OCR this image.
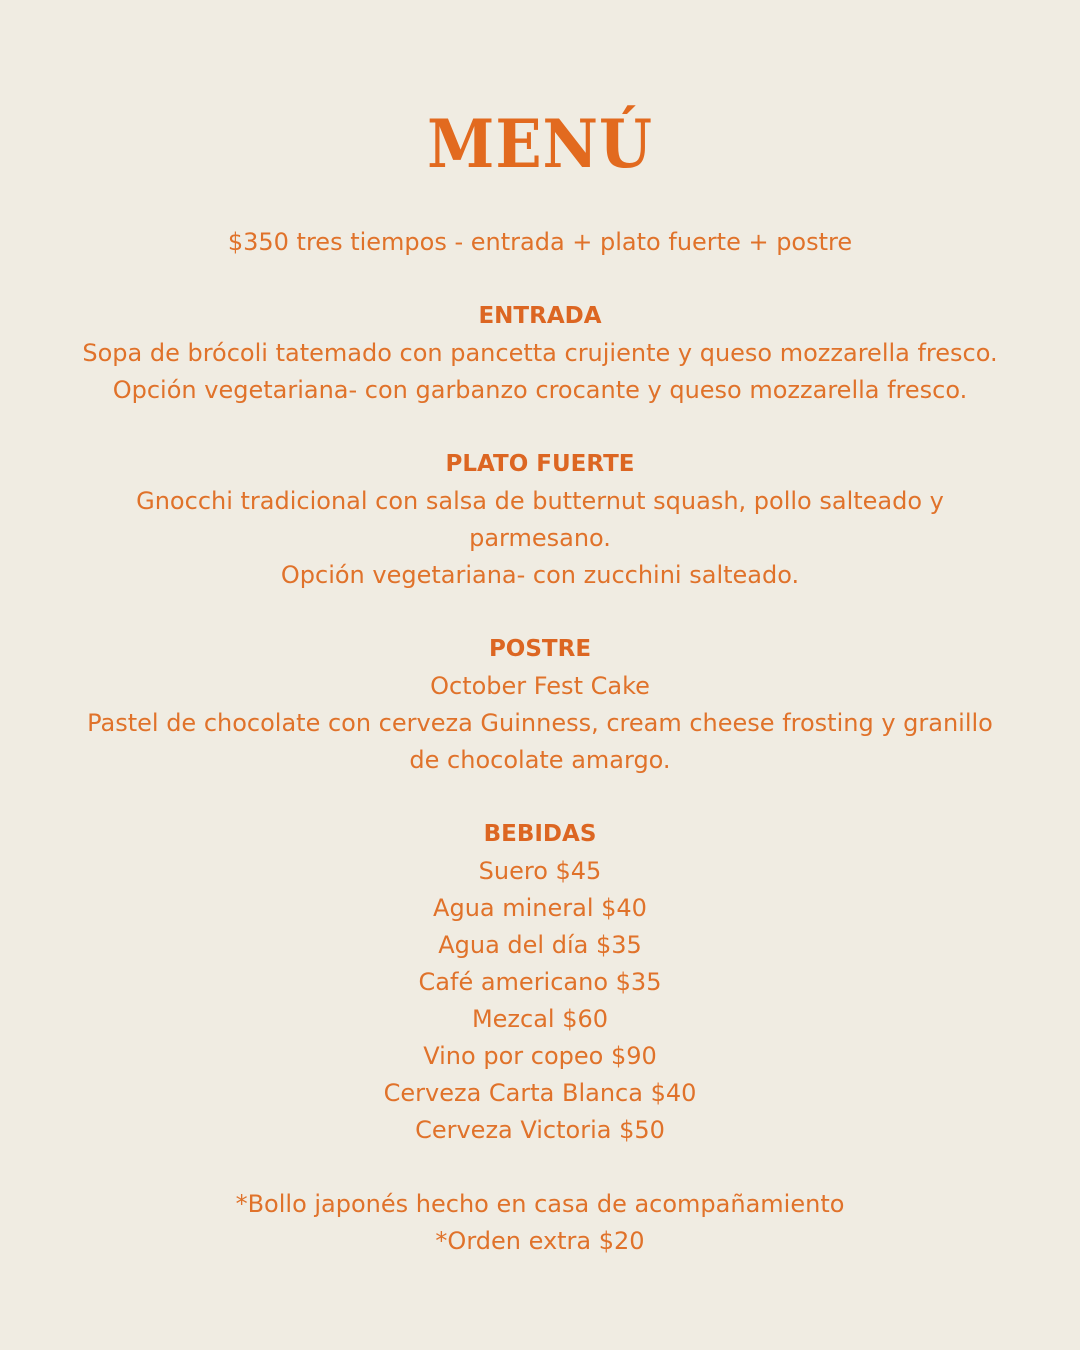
MENÚ
$350 tres tiempos - entrada + plato fuerte + postre
ENTRADA
Sopa de brócoli tatemado con pancetta crujiente y queso mozzarella fresco.
Opción vegetariana- con garbanzo crocante y queso mozzarella fresco.
PLATO FUERTE
Gnocchi tradicional con salsa de butternut squash, pollo salteado y
parmesano.
Opción vegetariana- con zucchini salteado.
POSTRE
October Fest Cake
Pastel de chocolate con cerveza Guinness, cream cheese frosting y granillo
de chocolate amargo.
BEBIDAS
Suero $45
Agua mineral $40
Agua del día $35
Café americano $35
Mezcal $60
Vino por copeo $90
Cerveza Carta Blanca $40
Cerveza Victoria $50
*Bollo japonés hecho en casa de acompañamiento
*Orden extra $20
